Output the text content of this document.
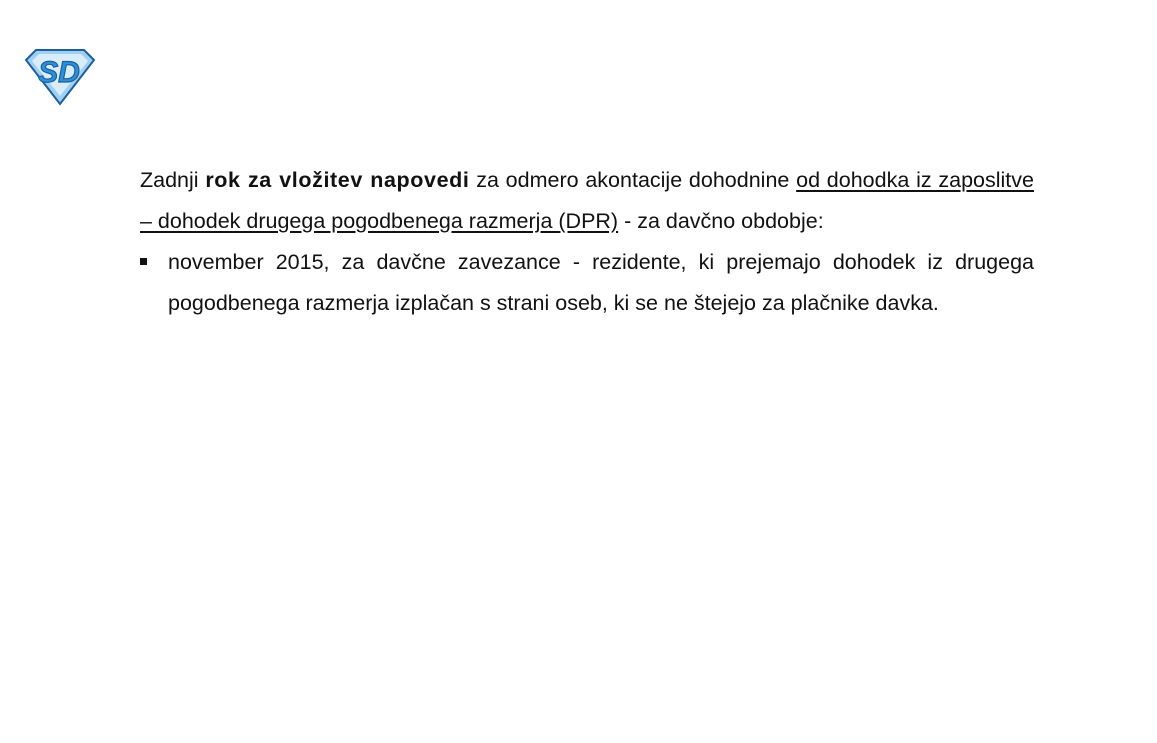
SD

Zadnji rok za vložitev napovedi za odmero akontacije dohodnine od dohodka iz zaposlitve – dohodek drugega pogodbenega razmerja (DPR) - za davčno obdobje:

november 2015, za davčne zavezance - rezidente, ki prejemajo dohodek iz drugega pogodbenega razmerja izplačan s strani oseb, ki se ne štejejo za plačnike davka.
